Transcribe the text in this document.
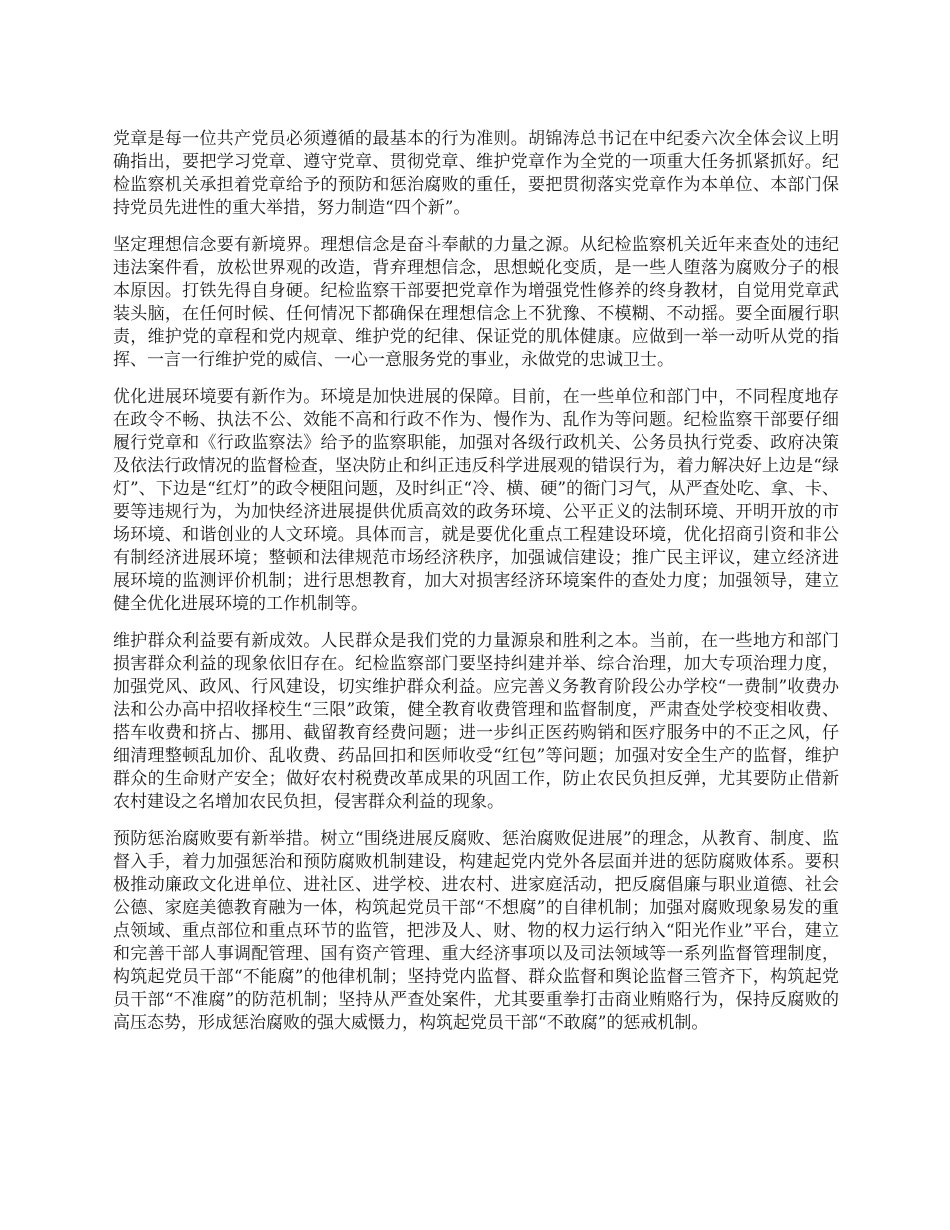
党章是每一位共产党员必须遵循的最基本的行为准则。胡锦涛总书记在中纪委六次全体会议上明确指出，要把学习党章、遵守党章、贯彻党章、维护党章作为全党的一项重大任务抓紧抓好。纪检监察机关承担着党章给予的预防和惩治腐败的重任，要把贯彻落实党章作为本单位、本部门保持党员先进性的重大举措，努力制造“四个新”。

坚定理想信念要有新境界。理想信念是奋斗奉献的力量之源。从纪检监察机关近年来查处的违纪违法案件看，放松世界观的改造，背弃理想信念，思想蜕化变质，是一些人堕落为腐败分子的根本原因。打铁先得自身硬。纪检监察干部要把党章作为增强党性修养的终身教材，自觉用党章武装头脑，在任何时候、任何情况下都确保在理想信念上不犹豫、不模糊、不动摇。要全面履行职责，维护党的章程和党内规章、维护党的纪律、保证党的肌体健康。应做到一举一动听从党的指挥、一言一行维护党的威信、一心一意服务党的事业，永做党的忠诚卫士。

优化进展环境要有新作为。环境是加快进展的保障。目前，在一些单位和部门中，不同程度地存在政令不畅、执法不公、效能不高和行政不作为、慢作为、乱作为等问题。纪检监察干部要仔细履行党章和《行政监察法》给予的监察职能，加强对各级行政机关、公务员执行党委、政府决策及依法行政情况的监督检查，坚决防止和纠正违反科学进展观的错误行为，着力解决好上边是“绿灯”、下边是“红灯”的政令梗阻问题，及时纠正“冷、横、硬”的衙门习气，从严查处吃、拿、卡、要等违规行为，为加快经济进展提供优质高效的政务环境、公平正义的法制环境、开明开放的市场环境、和谐创业的人文环境。具体而言，就是要优化重点工程建设环境，优化招商引资和非公有制经济进展环境；整顿和法律规范市场经济秩序，加强诚信建设；推广民主评议，建立经济进展环境的监测评价机制；进行思想教育，加大对损害经济环境案件的查处力度；加强领导，建立健全优化进展环境的工作机制等。

维护群众利益要有新成效。人民群众是我们党的力量源泉和胜利之本。当前，在一些地方和部门损害群众利益的现象依旧存在。纪检监察部门要坚持纠建并举、综合治理，加大专项治理力度，加强党风、政风、行风建设，切实维护群众利益。应完善义务教育阶段公办学校“一费制”收费办法和公办高中招收择校生“三限”政策，健全教育收费管理和监督制度，严肃查处学校变相收费、搭车收费和挤占、挪用、截留教育经费问题；进一步纠正医药购销和医疗服务中的不正之风，仔细清理整顿乱加价、乱收费、药品回扣和医师收受“红包”等问题；加强对安全生产的监督，维护群众的生命财产安全；做好农村税费改革成果的巩固工作，防止农民负担反弹，尤其要防止借新农村建设之名增加农民负担，侵害群众利益的现象。

预防惩治腐败要有新举措。树立“围绕进展反腐败、惩治腐败促进展”的理念，从教育、制度、监督入手，着力加强惩治和预防腐败机制建设，构建起党内党外各层面并进的惩防腐败体系。要积极推动廉政文化进单位、进社区、进学校、进农村、进家庭活动，把反腐倡廉与职业道德、社会公德、家庭美德教育融为一体，构筑起党员干部“不想腐”的自律机制；加强对腐败现象易发的重点领域、重点部位和重点环节的监管，把涉及人、财、物的权力运行纳入“阳光作业”平台，建立和完善干部人事调配管理、国有资产管理、重大经济事项以及司法领域等一系列监督管理制度，构筑起党员干部“不能腐”的他律机制；坚持党内监督、群众监督和舆论监督三管齐下，构筑起党员干部“不准腐”的防范机制；坚持从严查处案件，尤其要重拳打击商业贿赂行为，保持反腐败的高压态势，形成惩治腐败的强大威慑力，构筑起党员干部“不敢腐”的惩戒机制。
